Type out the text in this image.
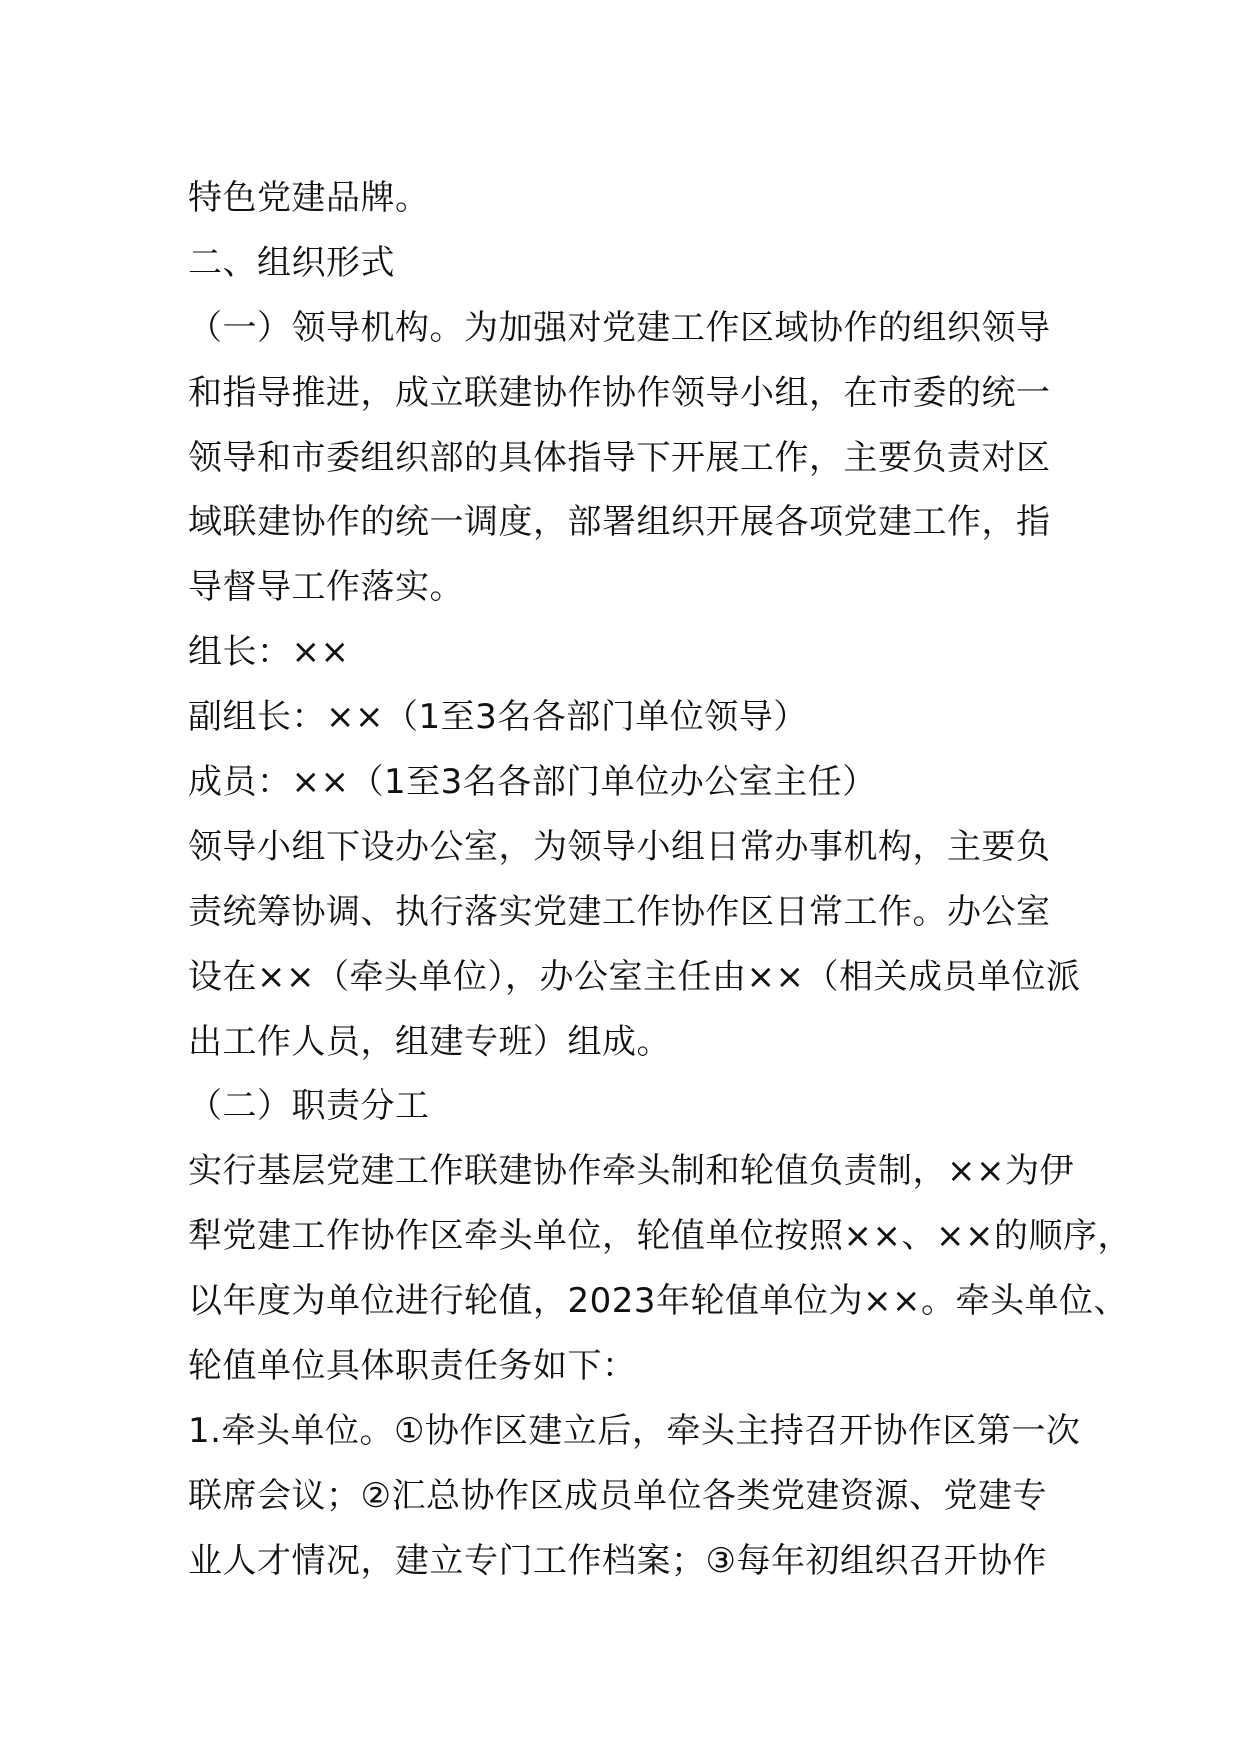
特色党建品牌。
二、组织形式
（一）领导机构。为加强对党建工作区域协作的组织领导
和指导推进，成立联建协作协作领导小组，在市委的统一
领导和市委组织部的具体指导下开展工作，主要负责对区
域联建协作的统一调度，部署组织开展各项党建工作，指
导督导工作落实。
组长：××
副组长：××（1至3名各部门单位领导）
成员：××（1至3名各部门单位办公室主任）
领导小组下设办公室，为领导小组日常办事机构，主要负
责统筹协调、执行落实党建工作协作区日常工作。办公室
设在××（牵头单位），办公室主任由××（相关成员单位派
出工作人员，组建专班）组成。
（二）职责分工
实行基层党建工作联建协作牵头制和轮值负责制，××为伊
犁党建工作协作区牵头单位，轮值单位按照××、××的顺序，
以年度为单位进行轮值，2023年轮值单位为××。牵头单位、
轮值单位具体职责任务如下：
1.牵头单位。①协作区建立后，牵头主持召开协作区第一次
联席会议；②汇总协作区成员单位各类党建资源、党建专
业人才情况，建立专门工作档案；③每年初组织召开协作
